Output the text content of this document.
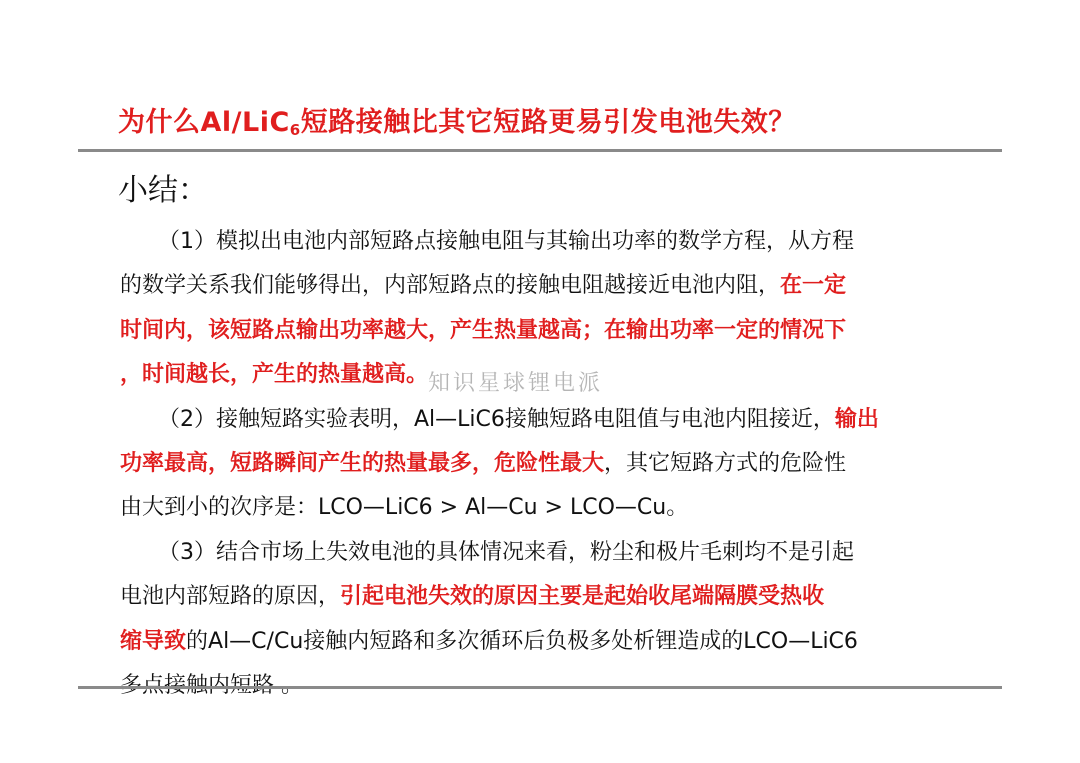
为什么Al/LiC$_6$短路接触比其它短路更易引发电池失效？
小结：
（1）模拟出电池内部短路点接触电阻与其输出功率的数学方程，从方程
的数学关系我们能够得出，内部短路点的接触电阻越接近电池内阻，在一定
时间内，该短路点输出功率越大，产生热量越高；在输出功率一定的情况下
，时间越长，产生的热量越高。
（2）接触短路实验表明，Al—LiC6接触短路电阻值与电池内阻接近，输出
功率最高，短路瞬间产生的热量最多，危险性最大，其它短路方式的危险性
由大到小的次序是：LCO—LiC6 > Al—Cu > LCO—Cu。
（3）结合市场上失效电池的具体情况来看，粉尘和极片毛刺均不是引起
电池内部短路的原因，引起电池失效的原因主要是起始收尾端隔膜受热收
缩导致的Al—C/Cu接触内短路和多次循环后负极多处析锂造成的LCO—LiC6
知识星球锂电派
